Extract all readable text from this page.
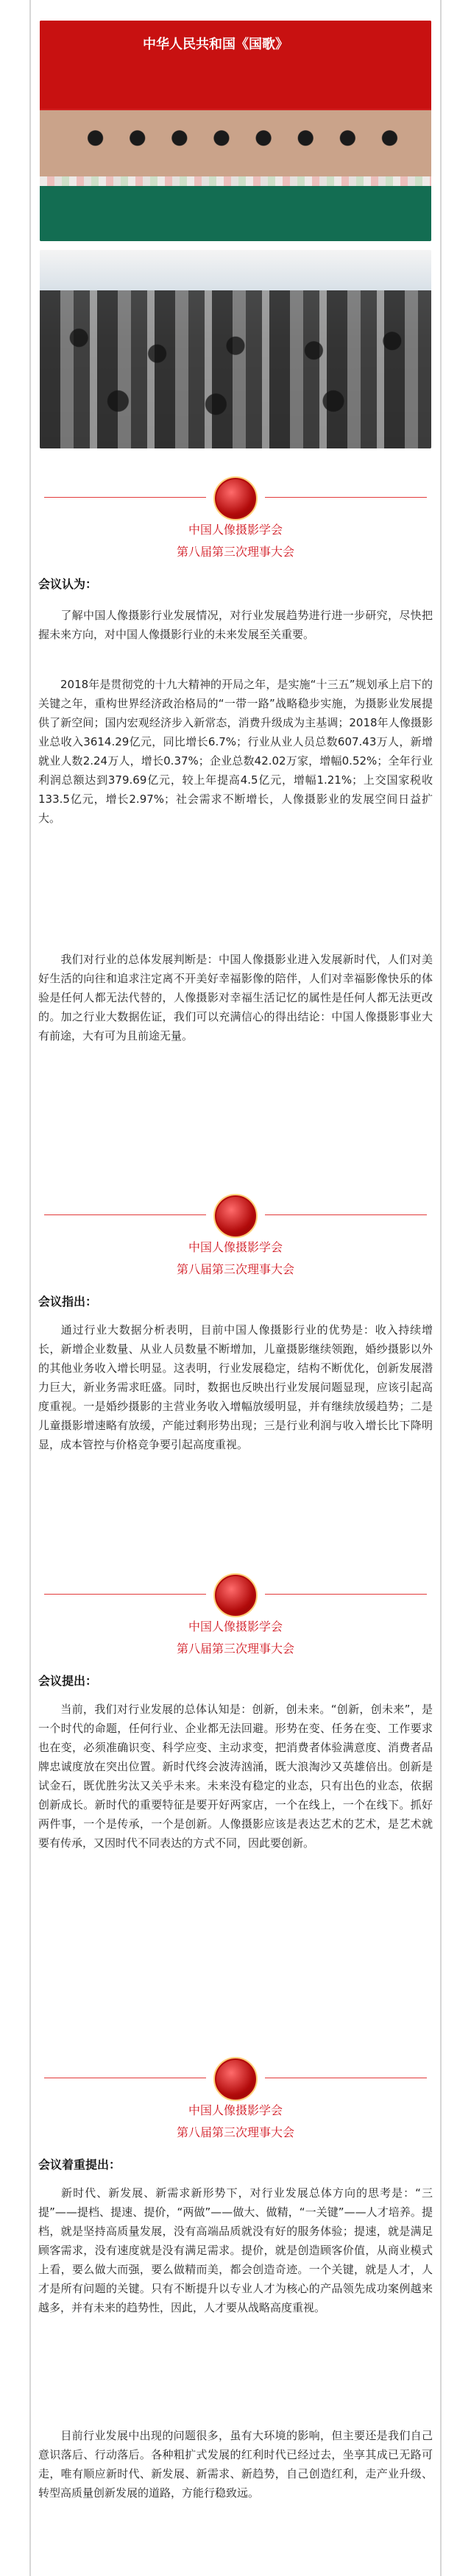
中华人民共和国《国歌》
中国人像摄影学会
第八届第三次理事大会
会议认为：
了解中国人像摄影行业发展情况，对行业发展趋势进行进一步研究，尽快把握未来方向，对中国人像摄影行业的未来发展至关重要。
2018年是贯彻党的十九大精神的开局之年，是实施“十三五”规划承上启下的关键之年，重构世界经济政治格局的“一带一路”战略稳步实施，为摄影业发展提供了新空间；国内宏观经济步入新常态，消费升级成为主基调；2018年人像摄影业总收入3614.29亿元，同比增长6.7%；行业从业人员总数607.43万人，新增就业人数2.24万人，增长0.37%；企业总数42.02万家，增幅0.52%；全年行业利润总额达到379.69亿元，较上年提高4.5亿元，增幅1.21%；上交国家税收133.5亿元，增长2.97%；社会需求不断增长，人像摄影业的发展空间日益扩大。
我们对行业的总体发展判断是：中国人像摄影业进入发展新时代，人们对美好生活的向往和追求注定离不开美好幸福影像的陪伴，人们对幸福影像快乐的体验是任何人都无法代替的，人像摄影对幸福生活记忆的属性是任何人都无法更改的。加之行业大数据佐证，我们可以充满信心的得出结论：中国人像摄影事业大有前途，大有可为且前途无量。
中国人像摄影学会
第八届第三次理事大会
会议指出：
通过行业大数据分析表明，目前中国人像摄影行业的优势是：收入持续增长，新增企业数量、从业人员数量不断增加，儿童摄影继续领跑，婚纱摄影以外的其他业务收入增长明显。这表明，行业发展稳定，结构不断优化，创新发展潜力巨大，新业务需求旺盛。同时，数据也反映出行业发展问题显现，应该引起高度重视。一是婚纱摄影的主营业务收入增幅放缓明显，并有继续放缓趋势；二是儿童摄影增速略有放缓，产能过剩形势出现；三是行业利润与收入增长比下降明显，成本管控与价格竞争要引起高度重视。
中国人像摄影学会
第八届第三次理事大会
会议提出：
当前，我们对行业发展的总体认知是：创新，创未来。“创新，创未来”，是一个时代的命题，任何行业、企业都无法回避。形势在变、任务在变、工作要求也在变，必须准确识变、科学应变、主动求变，把消费者体验满意度、消费者品牌忠诚度放在突出位置。新时代终会波涛汹涌，既大浪淘沙又英雄倍出。创新是试金石，既优胜劣汰又关乎未来。未来没有稳定的业态，只有出色的业态，依据创新成长。新时代的重要特征是要开好两家店，一个在线上，一个在线下。抓好两件事，一个是传承，一个是创新。人像摄影应该是表达艺术的艺术，是艺术就要有传承，又因时代不同表达的方式不同，因此要创新。
中国人像摄影学会
第八届第三次理事大会
会议着重提出：
新时代、新发展、新需求新形势下，对行业发展总体方向的思考是：“三提”——提档、提速、提价，“两做”——做大、做精，“一关键”——人才培养。提档，就是坚持高质量发展，没有高端品质就没有好的服务体验；提速，就是满足顾客需求，没有速度就是没有满足需求。提价，就是创造顾客价值，从商业模式上看，要么做大而强，要么做精而美，都会创造奇迹。一个关键，就是人才，人才是所有问题的关键。只有不断提升以专业人才为核心的产品领先成功案例越来越多，并有未来的趋势性，因此，人才要从战略高度重视。
目前行业发展中出现的问题很多，虽有大环境的影响，但主要还是我们自己意识落后、行动落后。各种粗扩式发展的红利时代已经过去，坐享其成已无路可走，唯有顺应新时代、新发展、新需求、新趋势，自己创造红利，走产业升级、转型高质量创新发展的道路，方能行稳致远。
